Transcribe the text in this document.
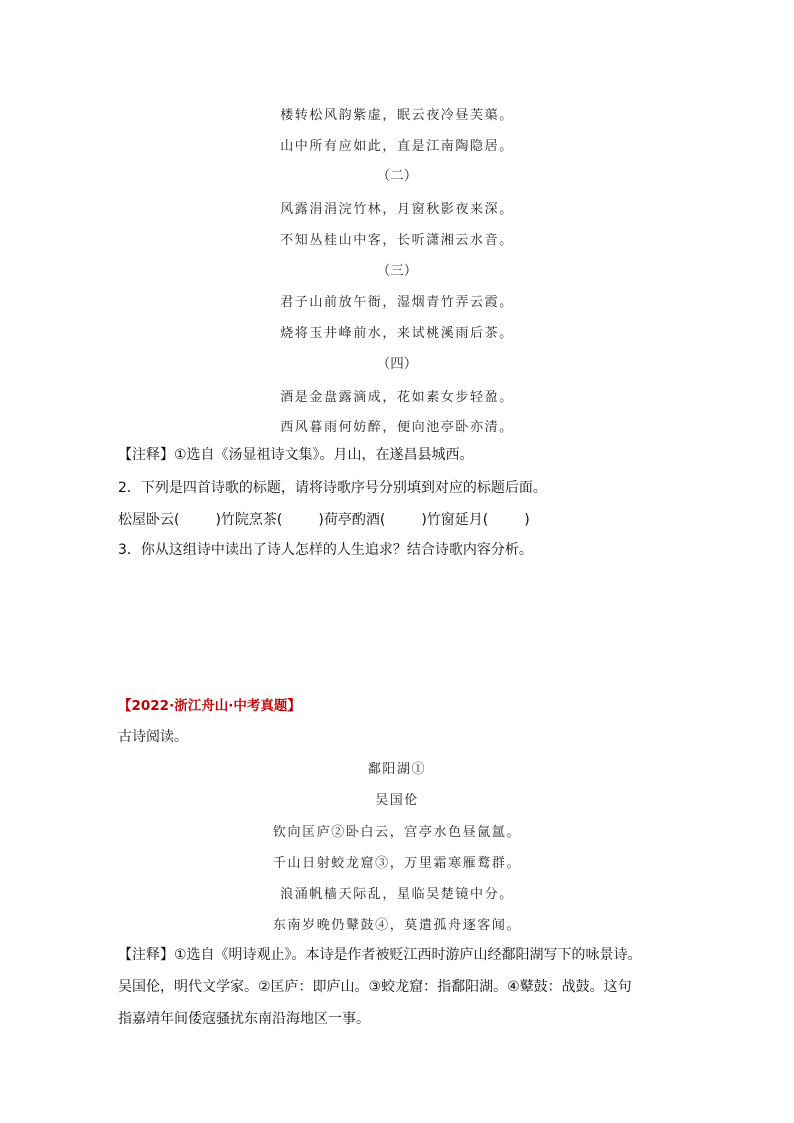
楼转松风韵紫虚，眠云夜冷昼芙蕖。
山中所有应如此，直是江南陶隐居。
（二）
风露涓涓浣竹林，月窗秋影夜来深。
不知丛桂山中客，长听潇湘云水音。
（三）
君子山前放午衙，湿烟青竹弄云霞。
烧将玉井峰前水，来试桃溪雨后茶。
（四）
酒是金盘露滴成，花如素女步轻盈。
西风暮雨何妨醉，便向池亭卧亦清。
【注释】①选自《汤显祖诗文集》。月山，在遂昌县城西。
2．下列是四首诗歌的标题，请将诗歌序号分别填到对应的标题后面。
松屋卧云(	)竹院烹茶(	)荷亭酌酒(	)竹窗延月(	)
3．你从这组诗中读出了诗人怎样的人生追求？结合诗歌内容分析。
【2022·浙江舟山·中考真题】
古诗阅读。
鄱阳湖①
吴国伦
钦向匡庐②卧白云，宫亭水色昼氤氲。
千山日射蛟龙窟③，万里霜寒雁鹜群。
浪涌帆樯天际乱，星临吴楚镜中分。
东南岁晚仍鼙鼓④，莫遣孤舟逐客闻。
【注释】①选自《明诗观止》。本诗是作者被贬江西时游庐山经鄱阳湖写下的咏景诗。
吴国伦，明代文学家。②匡庐：即庐山。③蛟龙窟：指鄱阳湖。④鼙鼓：战鼓。这句
指嘉靖年间倭寇骚扰东南沿海地区一事。
